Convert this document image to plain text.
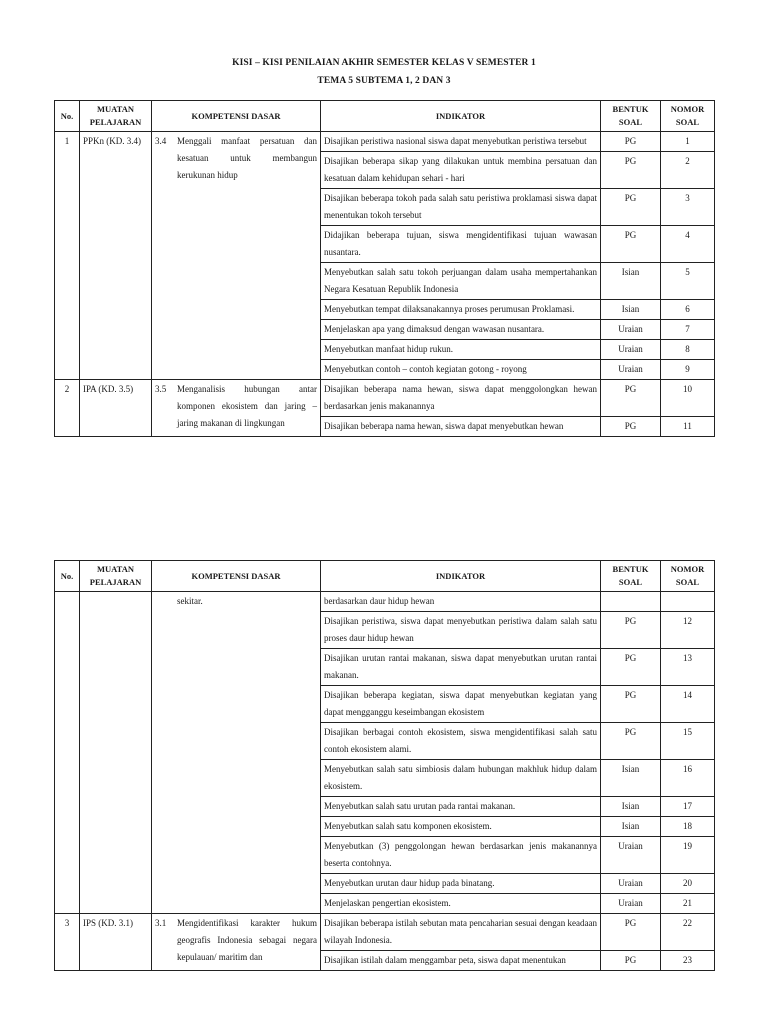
KISI – KISI PENILAIAN AKHIR SEMESTER KELAS V SEMESTER 1
TEMA 5 SUBTEMA 1, 2 DAN 3
No.	MUATAN PELAJARAN	KOMPETENSI DASAR	INDIKATOR	BENTUK SOAL	NOMOR SOAL
1	PPKn (KD. 3.4)	3.4 Menggali manfaat persatuan dan kesatuan untuk membangun kerukunan hidup	Disajikan peristiwa nasional siswa dapat menyebutkan peristiwa tersebut	PG	1
			Disajikan beberapa sikap yang dilakukan untuk membina persatuan dan kesatuan dalam kehidupan sehari - hari	PG	2
			Disajikan beberapa tokoh pada salah satu peristiwa proklamasi siswa dapat menentukan tokoh tersebut	PG	3
			Didajikan beberapa tujuan, siswa mengidentifikasi tujuan wawasan nusantara.	PG	4
			Menyebutkan salah satu tokoh perjuangan dalam usaha mempertahankan Negara Kesatuan Republik Indonesia	Isian	5
			Menyebutkan tempat dilaksanakannya proses perumusan Proklamasi.	Isian	6
			Menjelaskan apa yang dimaksud dengan wawasan nusantara.	Uraian	7
			Menyebutkan manfaat hidup rukun.	Uraian	8
			Menyebutkan contoh – contoh kegiatan gotong - royong	Uraian	9
2	IPA (KD. 3.5)	3.5 Menganalisis hubungan antar komponen ekosistem dan jaring – jaring makanan di lingkungan	Disajikan beberapa nama hewan, siswa dapat menggolongkan hewan berdasarkan jenis makanannya	PG	10
			Disajikan beberapa nama hewan, siswa dapat menyebutkan hewan	PG	11
No.	MUATAN PELAJARAN	KOMPETENSI DASAR	INDIKATOR	BENTUK SOAL	NOMOR SOAL

		sekitar.	berdasarkan daur hidup hewan		
			Disajikan peristiwa, siswa dapat menyebutkan peristiwa dalam salah satu proses daur hidup hewan	PG	12
			Disajikan urutan rantai makanan, siswa dapat menyebutkan urutan rantai makanan.	PG	13
			Disajikan beberapa kegiatan, siswa dapat menyebutkan kegiatan yang dapat mengganggu keseimbangan ekosistem	PG	14
			Disajikan berbagai contoh ekosistem, siswa mengidentifikasi salah satu contoh ekosistem alami.	PG	15
			Menyebutkan salah satu simbiosis dalam hubungan makhluk hidup dalam ekosistem.	Isian	16
			Menyebutkan salah satu urutan pada rantai makanan.	Isian	17
			Menyebutkan salah satu komponen ekosistem.	Isian	18
			Menyebutkan (3) penggolongan hewan berdasarkan jenis makanannya beserta contohnya.	Uraian	19
			Menyebutkan urutan daur hidup pada binatang.	Uraian	20
			Menjelaskan pengertian ekosistem.	Uraian	21
3	IPS (KD. 3.1)	3.1 Mengidentifikasi karakter hukum geografis Indonesia sebagai negara kepulauan/ maritim dan	Disajikan beberapa istilah sebutan mata pencaharian sesuai dengan keadaan wilayah Indonesia.	PG	22
			Disajikan istilah dalam menggambar peta, siswa dapat menentukan	PG	23
